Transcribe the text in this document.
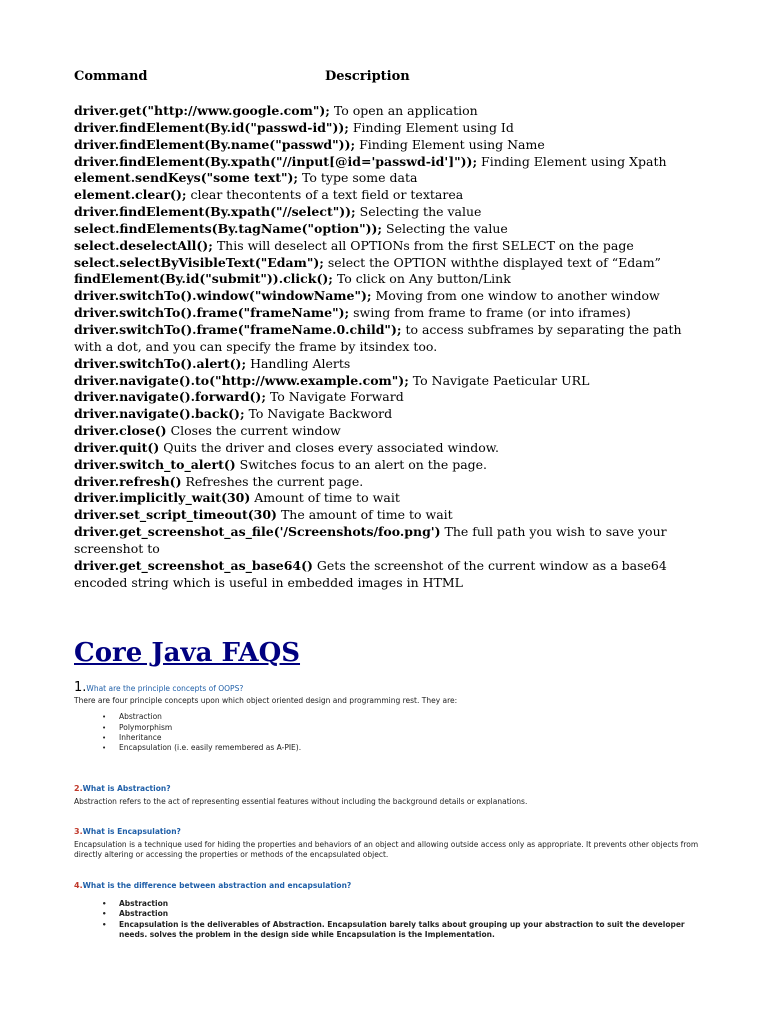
Command	Description
driver.get("http://www.google.com"); To open an application
driver.findElement(By.id("passwd-id")); Finding Element using Id
driver.findElement(By.name("passwd")); Finding Element using Name
driver.findElement(By.xpath("//input[@id='passwd-id']")); Finding Element using Xpath
element.sendKeys("some text"); To type some data
element.clear(); clear thecontents of a text field or textarea
driver.findElement(By.xpath("//select")); Selecting the value
select.findElements(By.tagName("option")); Selecting the value
select.deselectAll(); This will deselect all OPTIONs from the first SELECT on the page
select.selectByVisibleText("Edam"); select the OPTION withthe displayed text of “Edam”
findElement(By.id("submit")).click(); To click on Any button/Link
driver.switchTo().window("windowName"); Moving from one window to another window
driver.switchTo().frame("frameName"); swing from frame to frame (or into iframes)
driver.switchTo().frame("frameName.0.child"); to access subframes by separating the path with a dot, and you can specify the frame by itsindex too.
driver.switchTo().alert(); Handling Alerts
driver.navigate().to("http://www.example.com"); To Navigate Paeticular URL
driver.navigate().forward(); To Navigate Forward
driver.navigate().back(); To Navigate Backword
driver.close() Closes the current window
driver.quit() Quits the driver and closes every associated window.
driver.switch_to_alert() Switches focus to an alert on the page.
driver.refresh() Refreshes the current page.
driver.implicitly_wait(30) Amount of time to wait
driver.set_script_timeout(30) The amount of time to wait
driver.get_screenshot_as_file('/Screenshots/foo.png') The full path you wish to save your screenshot to
driver.get_screenshot_as_base64() Gets the screenshot of the current window as a base64 encoded string which is useful in embedded images in HTML
Core Java FAQS
1.What are the principle concepts of OOPS?

There are four principle concepts upon which object oriented design and programming rest. They are:

• Abstraction
• Polymorphism
• Inheritance
• Encapsulation (i.e. easily remembered as A-PIE).

2.What is Abstraction?

Abstraction refers to the act of representing essential features without including the background details or explanations.

3.What is Encapsulation?

Encapsulation is a technique used for hiding the properties and behaviors of an object and allowing outside access only as appropriate. It prevents other objects from directly altering or accessing the properties or methods of the encapsulated object.

4.What is the difference between abstraction and encapsulation?

• Abstraction
• Abstraction
• Encapsulation is the deliverables of Abstraction. Encapsulation barely talks about grouping up your abstraction to suit the developer needs. solves the problem in the design side while Encapsulation is the Implementation.
